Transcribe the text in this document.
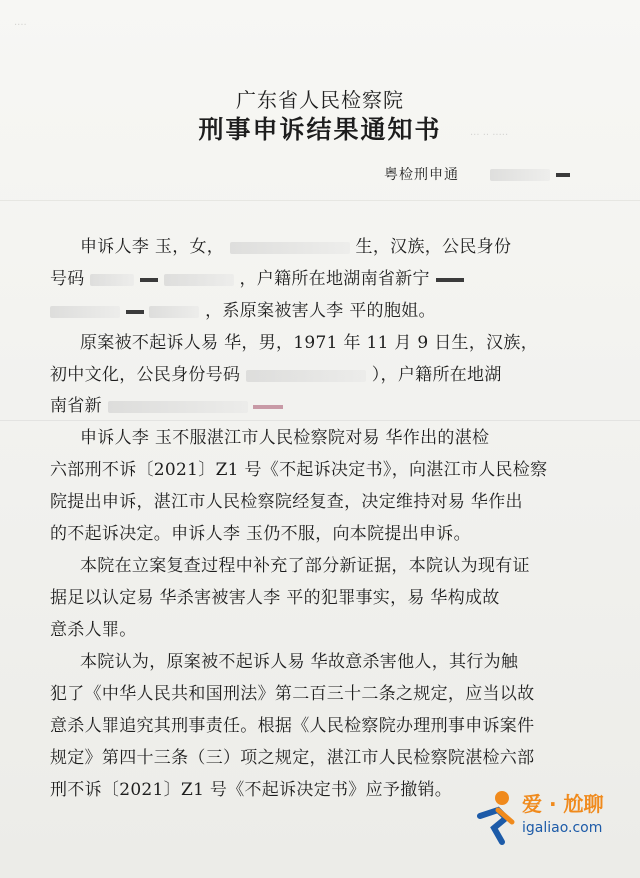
····
··· ·· ·····
广东省人民检察院
刑事申诉结果通知书
粤检刑申通
申诉人李 玉，女，	生，汉族，公民身份
号码	，户籍所在地湖南省新宁
，系原案被害人李 平的胞姐。
原案被不起诉人易 华，男，1971 年 11 月 9 日生，汉族，
初中文化，公民身份号码	），户籍所在地湖
南省新
申诉人李 玉不服湛江市人民检察院对易 华作出的湛检
六部刑不诉〔2021〕Z1 号《不起诉决定书》，向湛江市人民检察
院提出申诉，湛江市人民检察院经复查，决定维持对易 华作出
的不起诉决定。申诉人李 玉仍不服，向本院提出申诉。
本院在立案复查过程中补充了部分新证据，本院认为现有证
据足以认定易 华杀害被害人李 平的犯罪事实，易 华构成故
意杀人罪。
本院认为，原案被不起诉人易 华故意杀害他人，其行为触
犯了《中华人民共和国刑法》第二百三十二条之规定，应当以故
意杀人罪追究其刑事责任。根据《人民检察院办理刑事申诉案件
规定》第四十三条（三）项之规定，湛江市人民检察院湛检六部
刑不诉〔2021〕Z1 号《不起诉决定书》应予撤销。
爱 · 尬聊
igaliao.com
